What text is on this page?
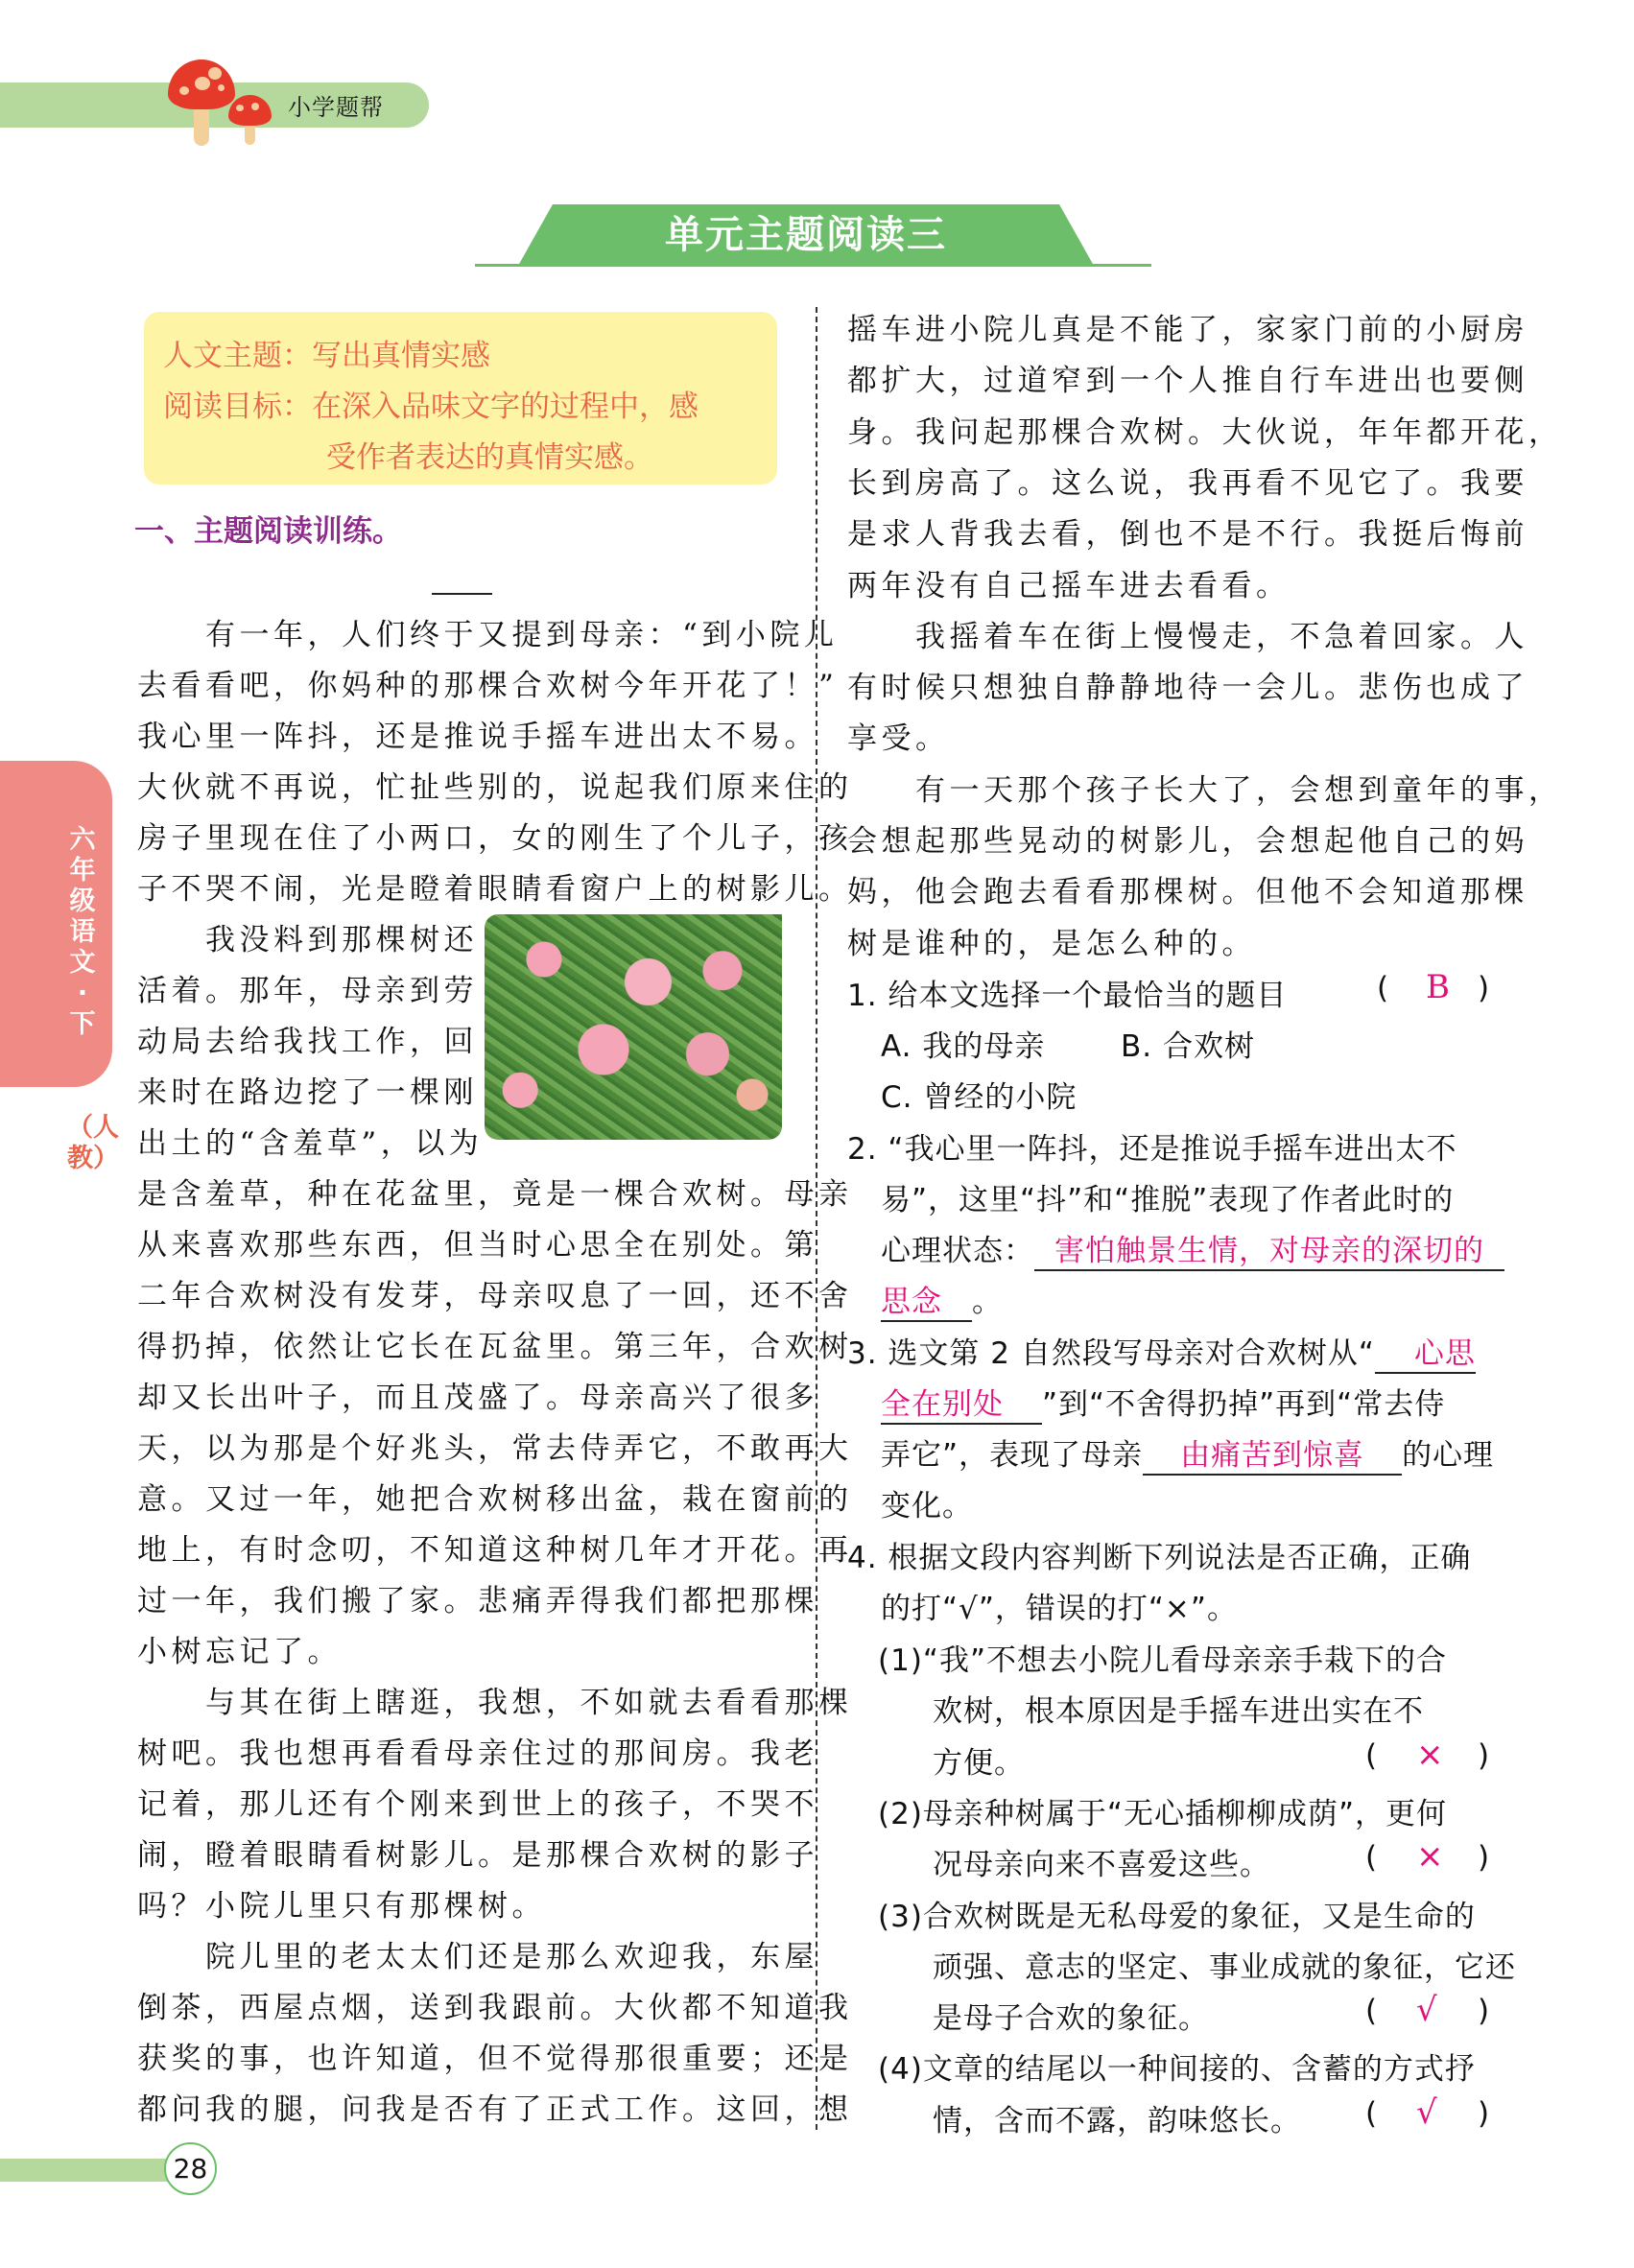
小学题帮
单元主题阅读三
人文主题：写出真情实感
阅读目标：在深入品味文字的过程中，感
受作者表达的真情实感。
一、主题阅读训练。
　　有一年，人们终于又提到母亲：“到小院儿
去看看吧，你妈种的那棵合欢树今年开花了！”
我心里一阵抖，还是推说手摇车进出太不易。
大伙就不再说，忙扯些别的，说起我们原来住的
房子里现在住了小两口，女的刚生了个儿子，孩
子不哭不闹，光是瞪着眼睛看窗户上的树影儿。
　　我没料到那棵树还
活着。那年，母亲到劳
动局去给我找工作，回
来时在路边挖了一棵刚
出土的“含羞草”，以为
是含羞草，种在花盆里，竟是一棵合欢树。母亲
从来喜欢那些东西，但当时心思全在别处。第
二年合欢树没有发芽，母亲叹息了一回，还不舍
得扔掉，依然让它长在瓦盆里。第三年，合欢树
却又长出叶子，而且茂盛了。母亲高兴了很多
天，以为那是个好兆头，常去侍弄它，不敢再大
意。又过一年，她把合欢树移出盆，栽在窗前的
地上，有时念叨，不知道这种树几年才开花。再
过一年，我们搬了家。悲痛弄得我们都把那棵
小树忘记了。
　　与其在街上瞎逛，我想，不如就去看看那棵
树吧。我也想再看看母亲住过的那间房。我老
记着，那儿还有个刚来到世上的孩子，不哭不
闹，瞪着眼睛看树影儿。是那棵合欢树的影子
吗？小院儿里只有那棵树。
　　院儿里的老太太们还是那么欢迎我，东屋
倒茶，西屋点烟，送到我跟前。大伙都不知道我
获奖的事，也许知道，但不觉得那很重要；还是
都问我的腿，问我是否有了正式工作。这回，想
摇车进小院儿真是不能了，家家门前的小厨房
都扩大，过道窄到一个人推自行车进出也要侧
身。我问起那棵合欢树。大伙说，年年都开花，
长到房高了。这么说，我再看不见它了。我要
是求人背我去看，倒也不是不行。我挺后悔前
两年没有自己摇车进去看看。
　　我摇着车在街上慢慢走，不急着回家。人
有时候只想独自静静地待一会儿。悲伤也成了
享受。
　　有一天那个孩子长大了，会想到童年的事，
会想起那些晃动的树影儿，会想起他自己的妈
妈，他会跑去看看那棵树。但他不会知道那棵
树是谁种的，是怎么种的。
1. 给本文选择一个最恰当的题目	( B )
A. 我的母亲	B. 合欢树
C. 曾经的小院
2. “我心里一阵抖，还是推说手摇车进出太不
易”，这里“抖”和“推脱”表现了作者此时的
心理状态： 害怕触景生情，对母亲的深切的
思念 。
3. 选文第 2 自然段写母亲对合欢树从“ 心思
全在别处 ”到“不舍得扔掉”再到“常去侍
弄它”，表现了母亲 由痛苦到惊喜 的心理
变化。
4. 根据文段内容判断下列说法是否正确，正确
的打“√”，错误的打“×”。
(1)“我”不想去小院儿看母亲亲手栽下的合
欢树，根本原因是手摇车进出实在不
方便。	( × )
(2)母亲种树属于“无心插柳柳成荫”，更何
况母亲向来不喜爱这些。	( × )
(3)合欢树既是无私母爱的象征，又是生命的
顽强、意志的坚定、事业成就的象征，它还
是母子合欢的象征。	( √ )
(4)文章的结尾以一种间接的、含蓄的方式抒
情，含而不露，韵味悠长。 ( √ )
六年级语文·下
（人教）
28
